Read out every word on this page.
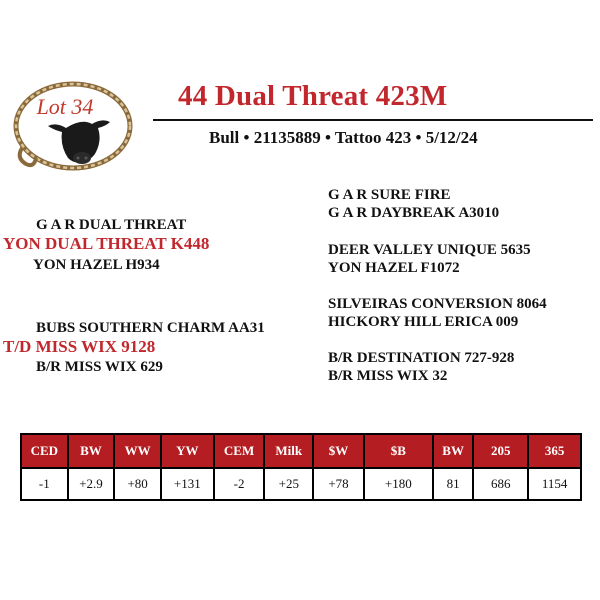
Lot 34	44 Dual Threat 423M
Bull • 21135889 • Tattoo 423 • 5/12/24
G A R DUAL THREAT
YON DUAL THREAT K448
YON HAZEL H934
BUBS SOUTHERN CHARM AA31
T/D MISS WIX 9128
B/R MISS WIX 629
G A R SURE FIRE
G A R DAYBREAK A3010
DEER VALLEY UNIQUE 5635
YON HAZEL F1072
SILVEIRAS CONVERSION 8064
HICKORY HILL ERICA 009
B/R DESTINATION 727-928
B/R MISS WIX 32
CED	BW	WW	YW	CEM	Milk	$W	$B	BW	205	365
-1	+2.9	+80	+131	-2	+25	+78	+180	81	686	1154
